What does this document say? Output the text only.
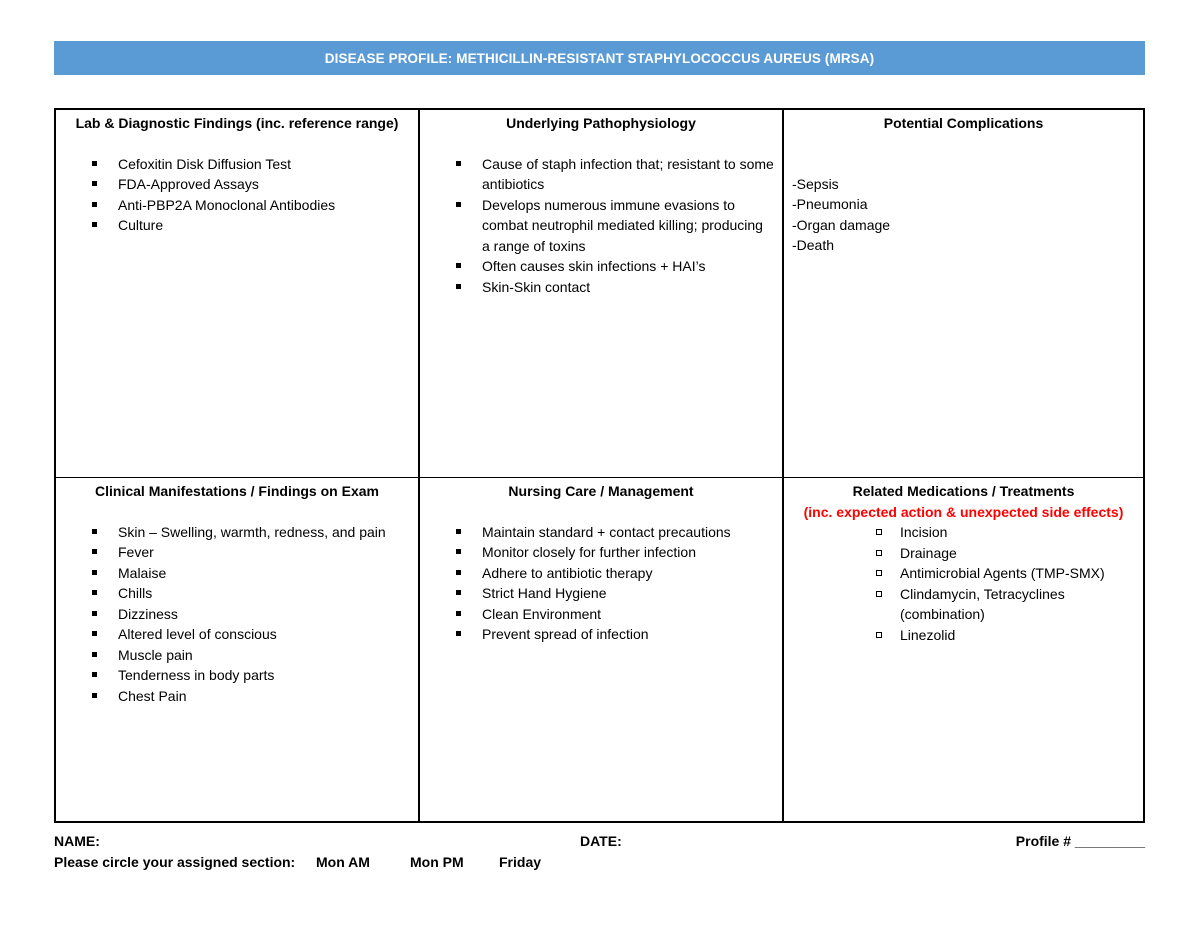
DISEASE PROFILE: METHICILLIN-RESISTANT STAPHYLOCOCCUS AUREUS (MRSA)
Lab & Diagnostic Findings (inc. reference range)
Cefoxitin Disk Diffusion Test
FDA-Approved Assays
Anti-PBP2A Monoclonal Antibodies
Culture
Underlying Pathophysiology
Cause of staph infection that; resistant to some antibiotics
Develops numerous immune evasions to combat neutrophil mediated killing; producing a range of toxins
Often causes skin infections + HAI’s
Skin-Skin contact
Potential Complications
-Sepsis
-Pneumonia
-Organ damage
-Death
Clinical Manifestations / Findings on Exam
Skin – Swelling, warmth, redness, and pain
Fever
Malaise
Chills
Dizziness
Altered level of conscious
Muscle pain
Tenderness in body parts
Chest Pain
Nursing Care / Management
Maintain standard + contact precautions
Monitor closely for further infection
Adhere to antibiotic therapy
Strict Hand Hygiene
Clean Environment
Prevent spread of infection
Related Medications / Treatments
(inc. expected action & unexpected side effects)
Incision
Drainage
Antimicrobial Agents (TMP-SMX)
Clindamycin, Tetracyclines (combination)
Linezolid
NAME:	DATE:	Profile # _________
Please circle your assigned section: Mon AM	Mon PM	Friday
